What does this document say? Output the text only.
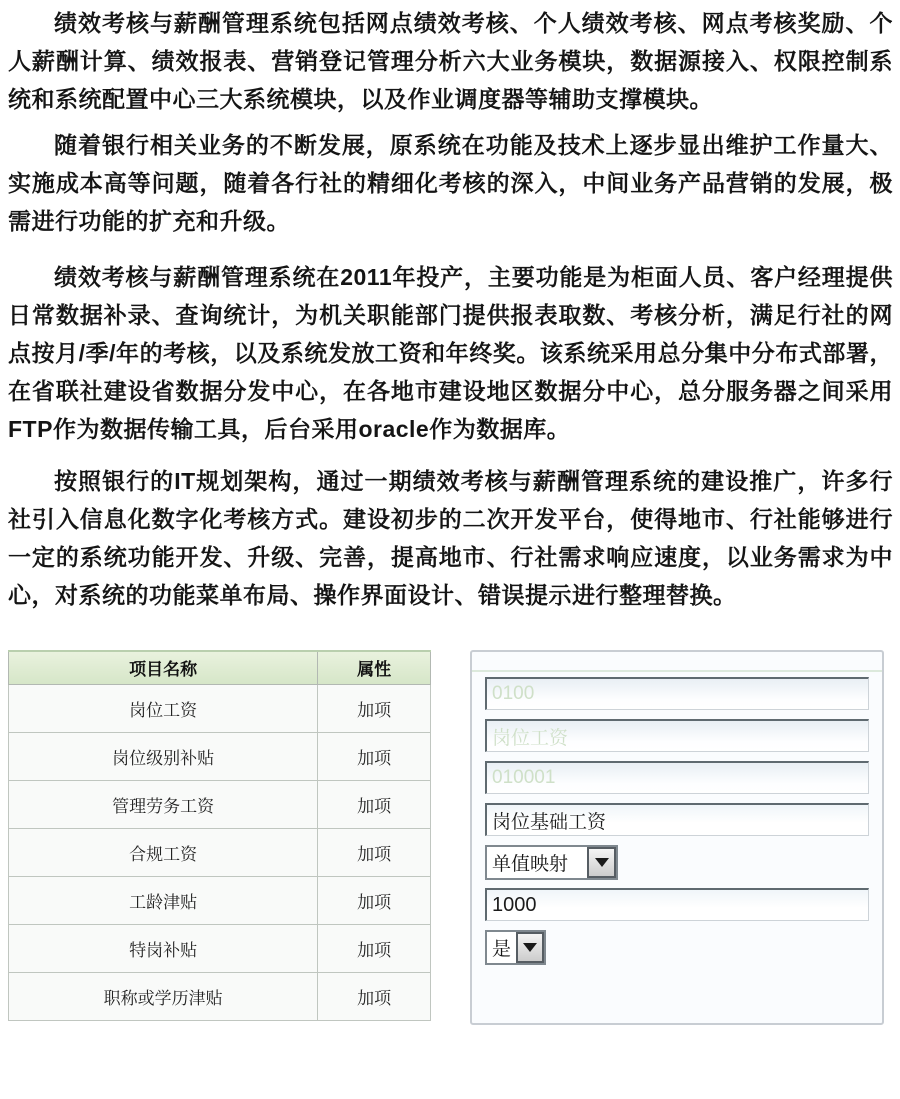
绩效考核与薪酬管理系统包括网点绩效考核、个人绩效考核、网点考核奖励、个人薪酬计算、绩效报表、营销登记管理分析六大业务模块，数据源接入、权限控制系统和系统配置中心三大系统模块，以及作业调度器等辅助支撑模块。

随着银行相关业务的不断发展，原系统在功能及技术上逐步显出维护工作量大、实施成本高等问题，随着各行社的精细化考核的深入，中间业务产品营销的发展，极需进行功能的扩充和升级。

绩效考核与薪酬管理系统在2011年投产，主要功能是为柜面人员、客户经理提供日常数据补录、查询统计，为机关职能部门提供报表取数、考核分析，满足行社的网点按月/季/年的考核，以及系统发放工资和年终奖。该系统采用总分集中分布式部署，在省联社建设省数据分发中心，在各地市建设地区数据分中心，总分服务器之间采用FTP作为数据传输工具，后台采用oracle作为数据库。

按照银行的IT规划架构，通过一期绩效考核与薪酬管理系统的建设推广，许多行社引入信息化数字化考核方式。建设初步的二次开发平台，使得地市、行社能够进行一定的系统功能开发、升级、完善，提高地市、行社需求响应速度，以业务需求为中心，对系统的功能菜单布局、操作界面设计、错误提示进行整理替换。

项目名称	属性
岗位工资	加项
岗位级别补贴	加项
管理劳务工资	加项
合规工资	加项
工龄津贴	加项
特岗补贴	加项
职称或学历津贴	加项
0100
岗位工资
010001
岗位基础工资
单值映射
1000
是
